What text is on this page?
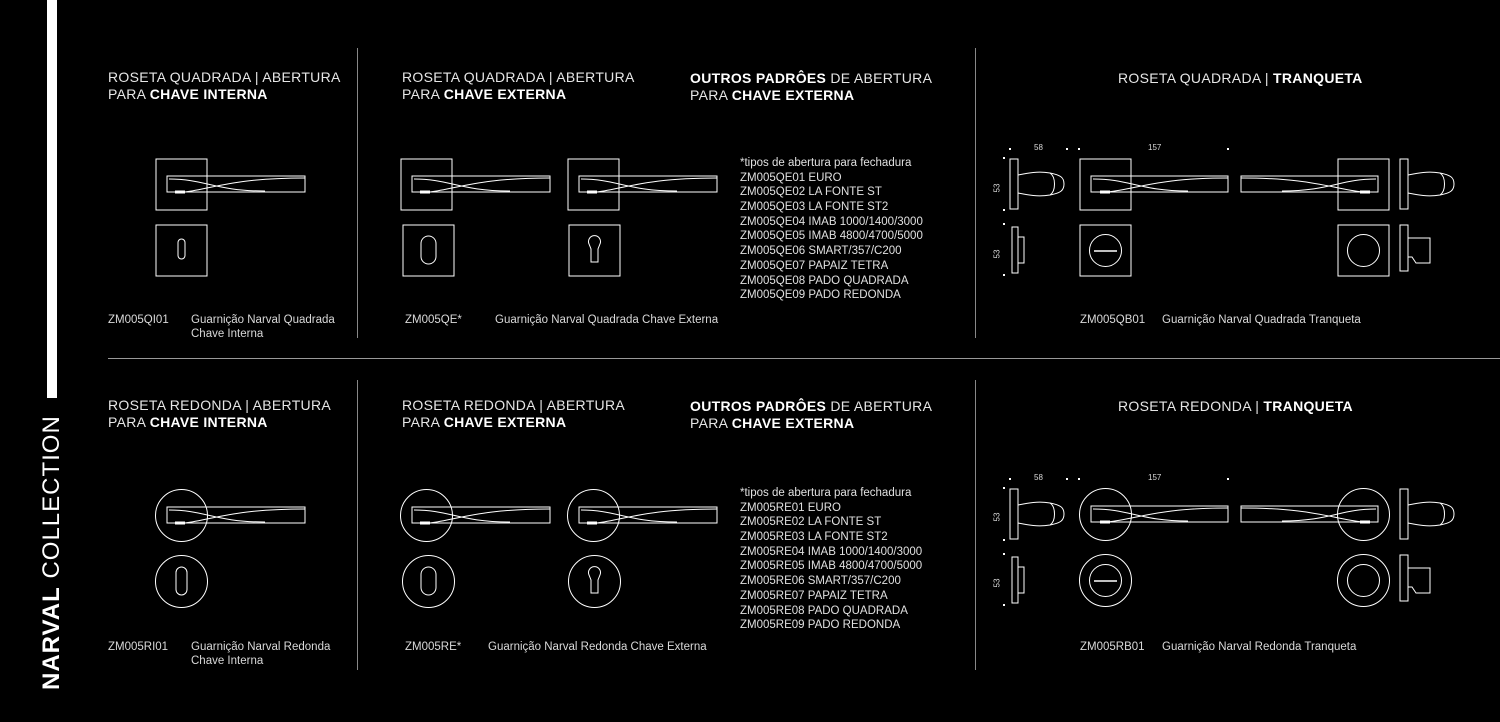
NARVAL COLLECTION
ROSETA QUADRADA | ABERTURA
PARA CHAVE INTERNA
ZM005QI01 Guarnição Narval Quadrada
Chave Interna
ROSETA QUADRADA | ABERTURA
PARA CHAVE EXTERNA
ZM005QE*	Guarnição Narval Quadrada Chave Externa
OUTROS PADRÔES DE ABERTURA
PARA CHAVE EXTERNA
*tipos de abertura para fechadura
ZM005QE01 EURO
ZM005QE02 LA FONTE ST
ZM005QE03 LA FONTE ST2
ZM005QE04 IMAB 1000/1400/3000
ZM005QE05 IMAB 4800/4700/5000
ZM005QE06 SMART/357/C200
ZM005QE07 PAPAIZ TETRA
ZM005QE08 PADO QUADRADA
ZM005QE09 PADO REDONDA
ROSETA QUADRADA | TRANQUETA
58	157
53
53
ZM005QB01 Guarnição Narval Quadrada Tranqueta
ROSETA REDONDA | ABERTURA
PARA CHAVE INTERNA
ZM005RI01 Guarnição Narval Redonda
Chave Interna
ROSETA REDONDA | ABERTURA
PARA CHAVE EXTERNA
ZM005RE* Guarnição Narval Redonda Chave Externa
OUTROS PADRÔES DE ABERTURA
PARA CHAVE EXTERNA
*tipos de abertura para fechadura
ZM005RE01 EURO
ZM005RE02 LA FONTE ST
ZM005RE03 LA FONTE ST2
ZM005RE04 IMAB 1000/1400/3000
ZM005RE05 IMAB 4800/4700/5000
ZM005RE06 SMART/357/C200
ZM005RE07 PAPAIZ TETRA
ZM005RE08 PADO QUADRADA
ZM005RE09 PADO REDONDA
ROSETA REDONDA | TRANQUETA
58	157
53
53
ZM005RB01 Guarnição Narval Redonda Tranqueta
